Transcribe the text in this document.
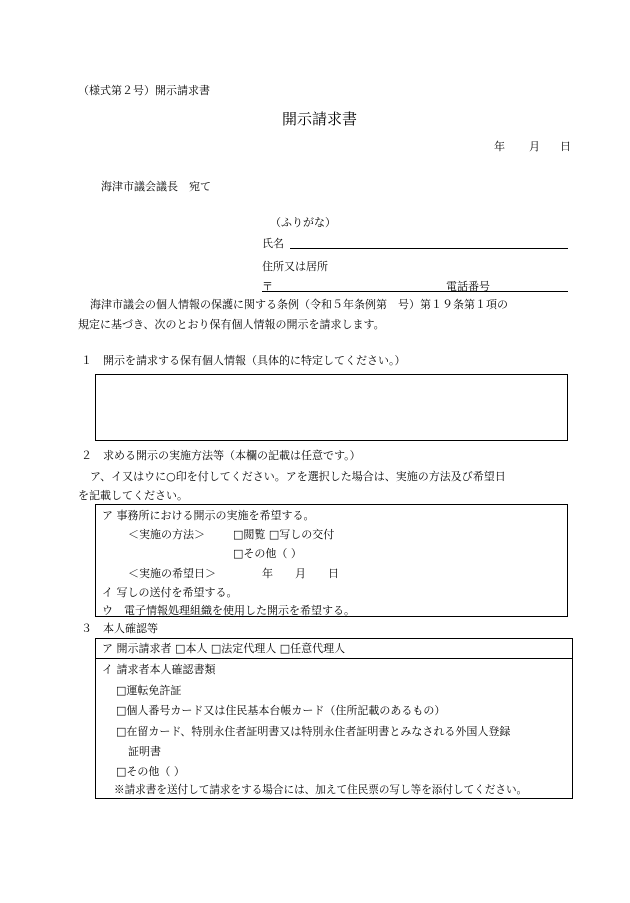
（様式第２号）開示請求書
開示請求書
年 月 日
海津市議会議長　宛て
（ふりがな）
氏名
住所又は居所
〒	電話番号
海津市議会の個人情報の保護に関する条例（令和５年条例第　号）第１９条第１項の
規定に基づき、次のとおり保有個人情報の開示を請求します。
１　開示を請求する保有個人情報（具体的に特定してください。）
２　求める開示の実施方法等（本欄の記載は任意です。）
ア、イ又はウに○印を付してください。アを選択した場合は、実施の方法及び希望日
を記載してください。
ア 事務所における開示の実施を希望する。
＜実施の方法＞	□閲覧 □写しの交付
□その他（ ）
＜実施の希望日＞	年　　月　　日
イ 写しの送付を希望する。
ウ　電子情報処理組織を使用した開示を希望する。
３　本人確認等
ア 開示請求者 □本人 □法定代理人 □任意代理人
イ 請求者本人確認書類
□運転免許証
□個人番号カード又は住民基本台帳カード（住所記載のあるもの）
□在留カード、特別永住者証明書又は特別永住者証明書とみなされる外国人登録
証明書
□その他（ ）
※請求書を送付して請求をする場合には、加えて住民票の写し等を添付してください。
